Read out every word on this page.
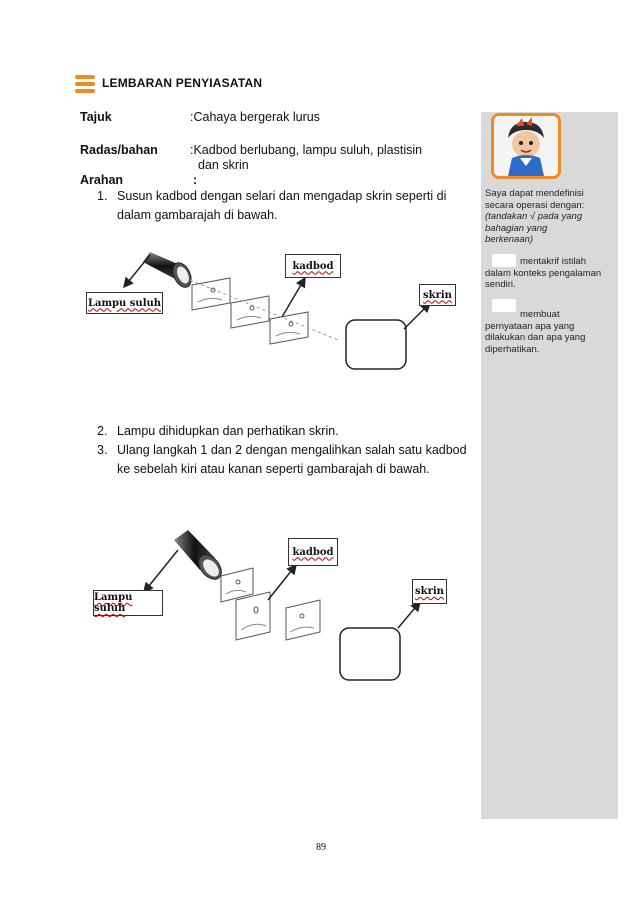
Saya dapat mendefinisi secara operasi dengan:
(tandakan √ pada yang bahagian yang berkenaan)
mentakrif istilah dalam konteks pengalaman sendiri.
membuat pernyataan apa yang dilakukan dan apa yang diperhatikan.
LEMBARAN PENYIASATAN
Tajuk	:Cahaya bergerak lurus
Radas/bahan	:Kadbod berlubang, lampu suluh, plastisin
dan skrin
Arahan	:
1. Susun kadbod dengan selari dan mengadap skrin seperti di dalam gambarajah di bawah.
Lampu suluh
kadbod
skrin
2. Lampu dihidupkan dan perhatikan skrin.
3. Ulang langkah 1 dan 2 dengan mengalihkan salah satu kadbod ke sebelah kiri atau kanan seperti gambarajah di bawah.
Lampu suluh
kadbod
skrin
89
